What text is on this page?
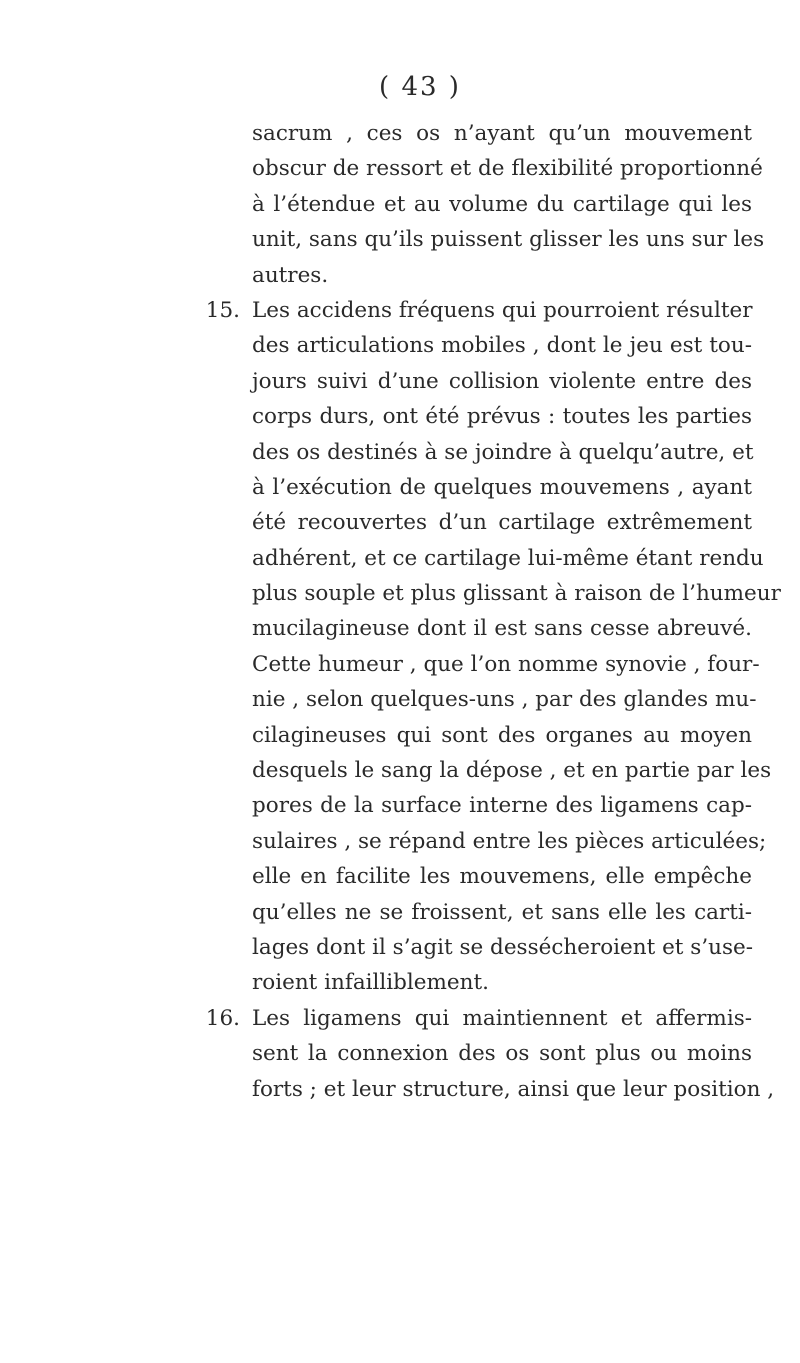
( 43 )
sacrum , ces os n’ayant qu’un mouvement
obscur de ressort et de flexibilité proportionné
à l’étendue et au volume du cartilage qui les
unit, sans qu’ils puissent glisser les uns sur les
autres.
15. Les accidens fréquens qui pourroient résulter
des articulations mobiles , dont le jeu est tou-
jours suivi d’une collision violente entre des
corps durs, ont été prévus : toutes les parties
des os destinés à se joindre à quelqu’autre, et
à l’exécution de quelques mouvemens , ayant
été recouvertes d’un cartilage extrêmement
adhérent, et ce cartilage lui-même étant rendu
plus souple et plus glissant à raison de l’humeur
mucilagineuse dont il est sans cesse abreuvé.
Cette humeur , que l’on nomme synovie , four-
nie , selon quelques-uns , par des glandes mu-
cilagineuses qui sont des organes au moyen
desquels le sang la dépose , et en partie par les
pores de la surface interne des ligamens cap-
sulaires , se répand entre les pièces articulées;
elle en facilite les mouvemens, elle empêche
qu’elles ne se froissent, et sans elle les carti-
lages dont il s’agit se dessécheroient et s’use-
roient infailliblement.
16. Les ligamens qui maintiennent et affermis-
sent la connexion des os sont plus ou moins
forts ; et leur structure, ainsi que leur position ,
